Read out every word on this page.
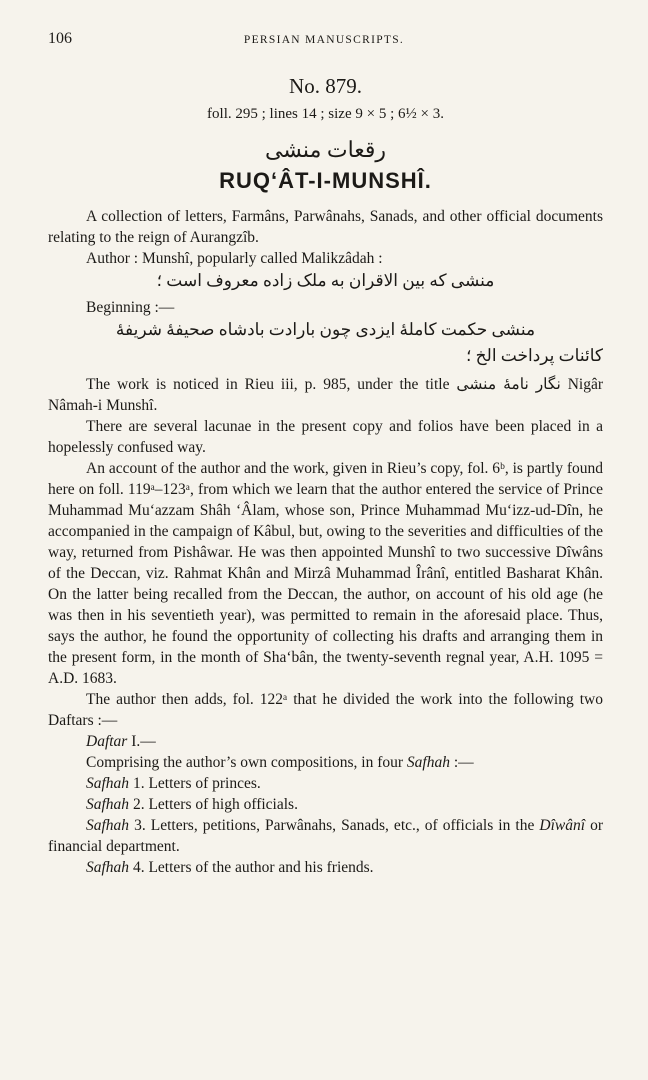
106	PERSIAN MANUSCRIPTS.
No. 879.
foll. 295 ; lines 14 ; size 9 × 5 ; 6½ × 3.
رقعات منشی
RUQ‘ÂT-I-MUNSHÎ.

A collection of letters, Farmâns, Parwânahs, Sanads, and other official documents relating to the reign of Aurangzîb.

Author : Munshî, popularly called Malikzâdah :

منشی که بین الاقران به ملک زاده معروف است ؛

Beginning :—

منشی حکمت کاملهٔ ایزدی چون بارادت بادشاه صحیفهٔ شریفهٔ
کائنات پرداخت الخ ؛

The work is noticed in Rieu iii, p. 985, under the title	نگار نامهٔ منشی	Nigâr Nâmah-i Munshî.

There are several lacunae in the present copy and folios have been placed in a hopelessly confused way.

An account of the author and the work, given in Rieu’s copy, fol. 6ᵇ, is partly found here on foll. 119ᵃ–123ᵃ, from which we learn that the author entered the service of Prince Muhammad Mu‘azzam Shâh ‘Âlam, whose son, Prince Muhammad Mu‘izz-ud-Dîn, he accompanied in the campaign of Kâbul, but, owing to the severities and difficulties of the way, returned from Pishâwar. He was then appointed Munshî to two successive Dîwâns of the Deccan, viz. Rahmat Khân and Mirzâ Muhammad Îrânî, entitled Basharat Khân. On the latter being recalled from the Deccan, the author, on account of his old age (he was then in his seventieth year), was permitted to remain in the aforesaid place. Thus, says the author, he found the opportunity of collecting his drafts and arranging them in the present form, in the month of Sha‘bân, the twenty-seventh regnal year, A.H. 1095 = A.D. 1683.

The author then adds, fol. 122ᵃ that he divided the work into the following two Daftars :—

Daftar I.—

Comprising the author’s own compositions, in four Safhah :—

Safhah 1. Letters of princes.

Safhah 2. Letters of high officials.

Safhah 3. Letters, petitions, Parwânahs, Sanads, etc., of officials in the Dîwânî or financial department.

Safhah 4. Letters of the author and his friends.
